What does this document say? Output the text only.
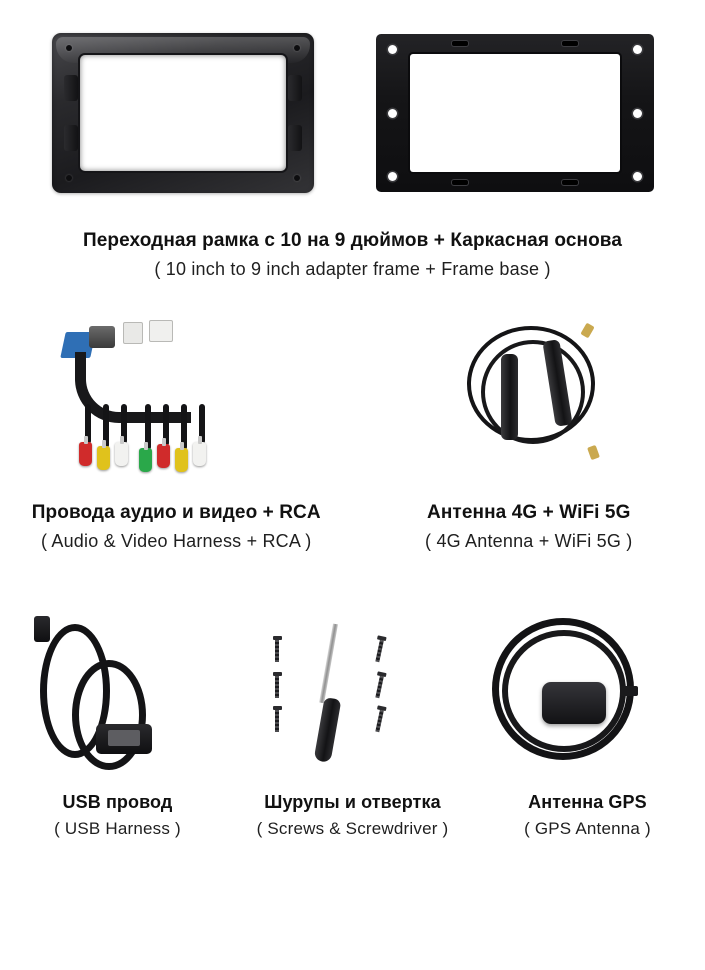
Переходная рамка с 10 на 9 дюймов + Каркасная основа
( 10 inch to 9 inch adapter frame + Frame base )
Провода аудио и видео + RCA
( Audio & Video Harness + RCA )
Антенна 4G + WiFi 5G
( 4G Antenna + WiFi 5G )
USB провод
( USB Harness )
Шурупы и отвертка
( Screws & Screwdriver )
Антенна GPS
( GPS Antenna )
